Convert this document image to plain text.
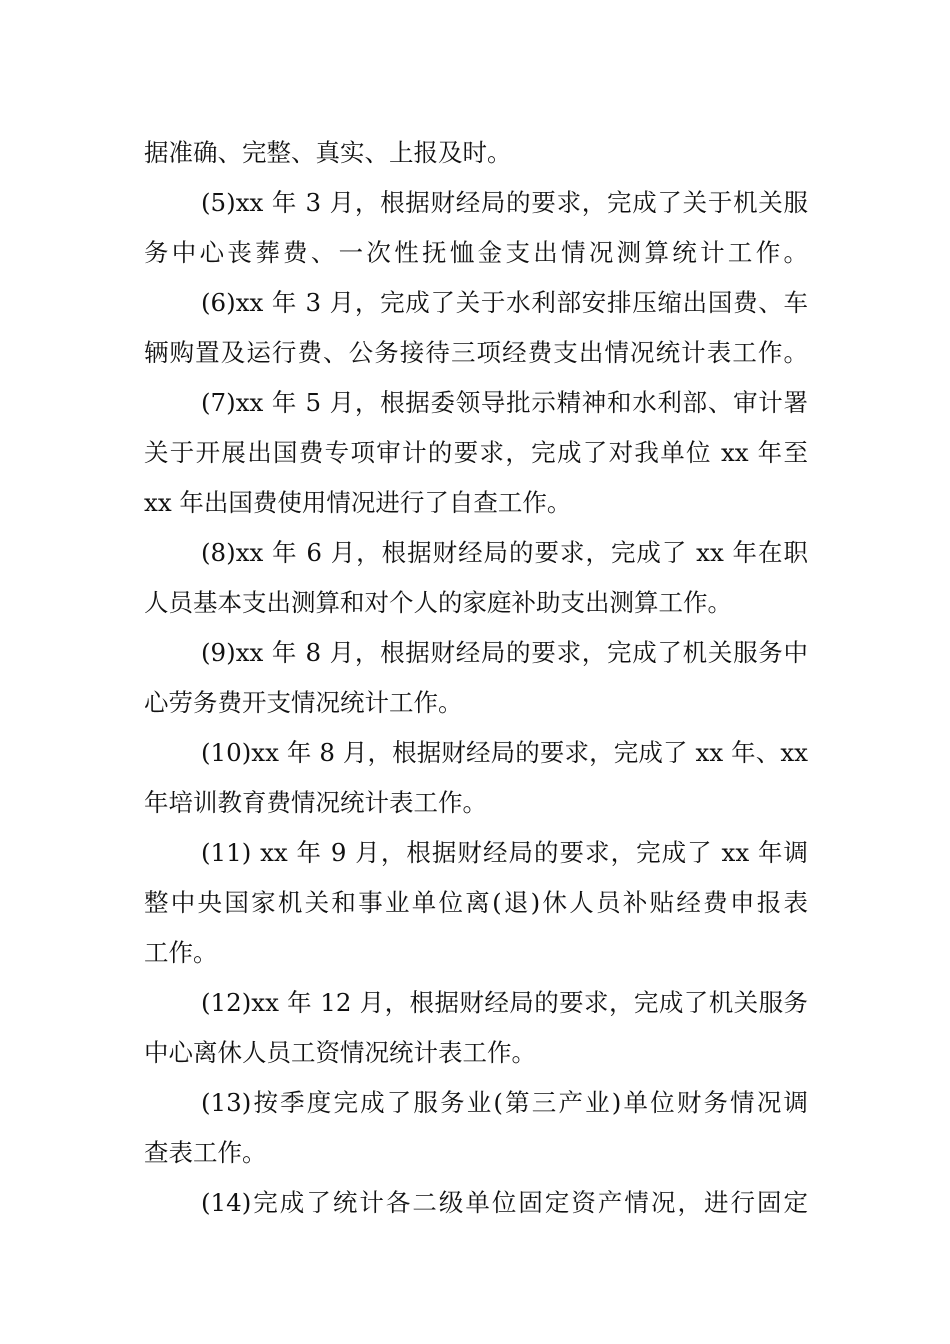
据准确、完整、真实、上报及时。
(5)xx 年 3 月，根据财经局的要求，完成了关于机关服
务中心丧葬费、一次性抚恤金支出情况测算统计工作。
(6)xx 年 3 月，完成了关于水利部安排压缩出国费、车
辆购置及运行费、公务接待三项经费支出情况统计表工作。
(7)xx 年 5 月，根据委领导批示精神和水利部、审计署
关于开展出国费专项审计的要求，完成了对我单位 xx 年至
xx 年出国费使用情况进行了自查工作。
(8)xx 年 6 月，根据财经局的要求，完成了 xx 年在职
人员基本支出测算和对个人的家庭补助支出测算工作。
(9)xx 年 8 月，根据财经局的要求，完成了机关服务中
心劳务费开支情况统计工作。
(10)xx 年 8 月，根据财经局的要求，完成了 xx 年、xx
年培训教育费情况统计表工作。
(11) xx 年 9 月，根据财经局的要求，完成了 xx 年调
整中央国家机关和事业单位离(退)休人员补贴经费申报表
工作。
(12)xx 年 12 月，根据财经局的要求，完成了机关服务
中心离休人员工资情况统计表工作。
(13)按季度完成了服务业(第三产业)单位财务情况调
查表工作。
(14)完成了统计各二级单位固定资产情况，进行固定
